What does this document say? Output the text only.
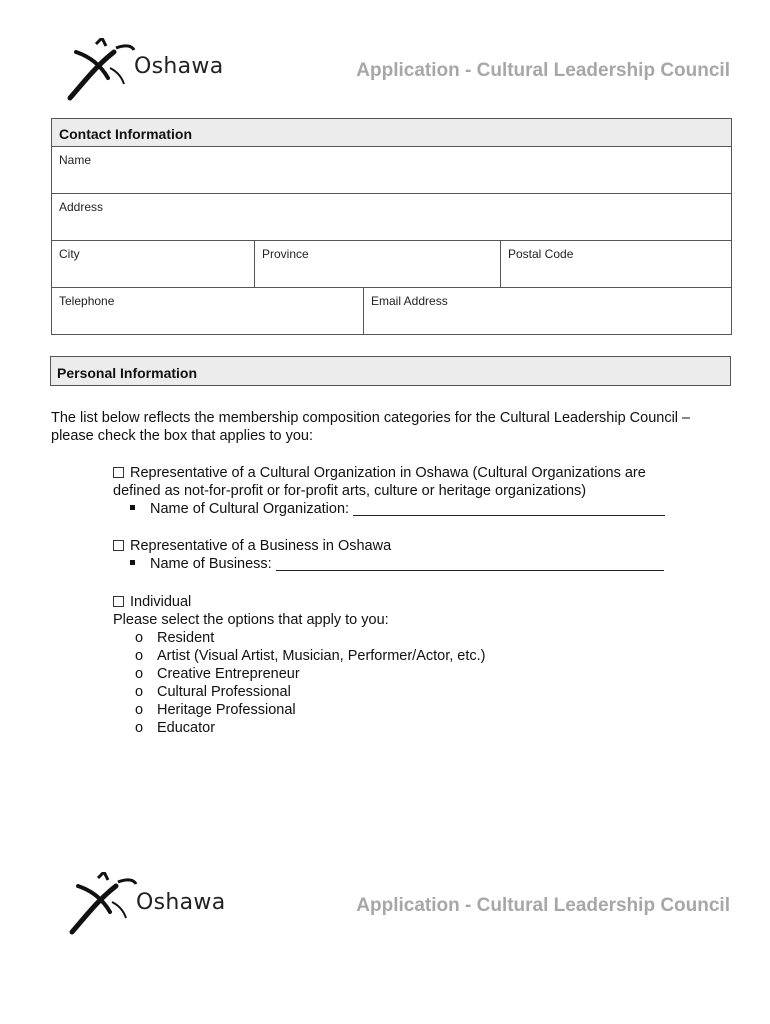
Oshawa	Application - Cultural Leadership Council
Contact Information			
Name			
Address			
City	Province		Postal Code
Telephone		Email Address	
Personal Information
The list below reflects the membership composition categories for the Cultural Leadership Council – please check the box that applies to you:
Representative of a Cultural Organization in Oshawa (Cultural Organizations are defined as not-for-profit or for-profit arts, culture or heritage organizations)
Name of Cultural Organization:
Representative of a Business in Oshawa
Name of Business:
Individual
Please select the options that apply to you:
o Resident
o Artist (Visual Artist, Musician, Performer/Actor, etc.)
o Creative Entrepreneur
o Cultural Professional
o Heritage Professional
o Educator
Oshawa	Application - Cultural Leadership Council
